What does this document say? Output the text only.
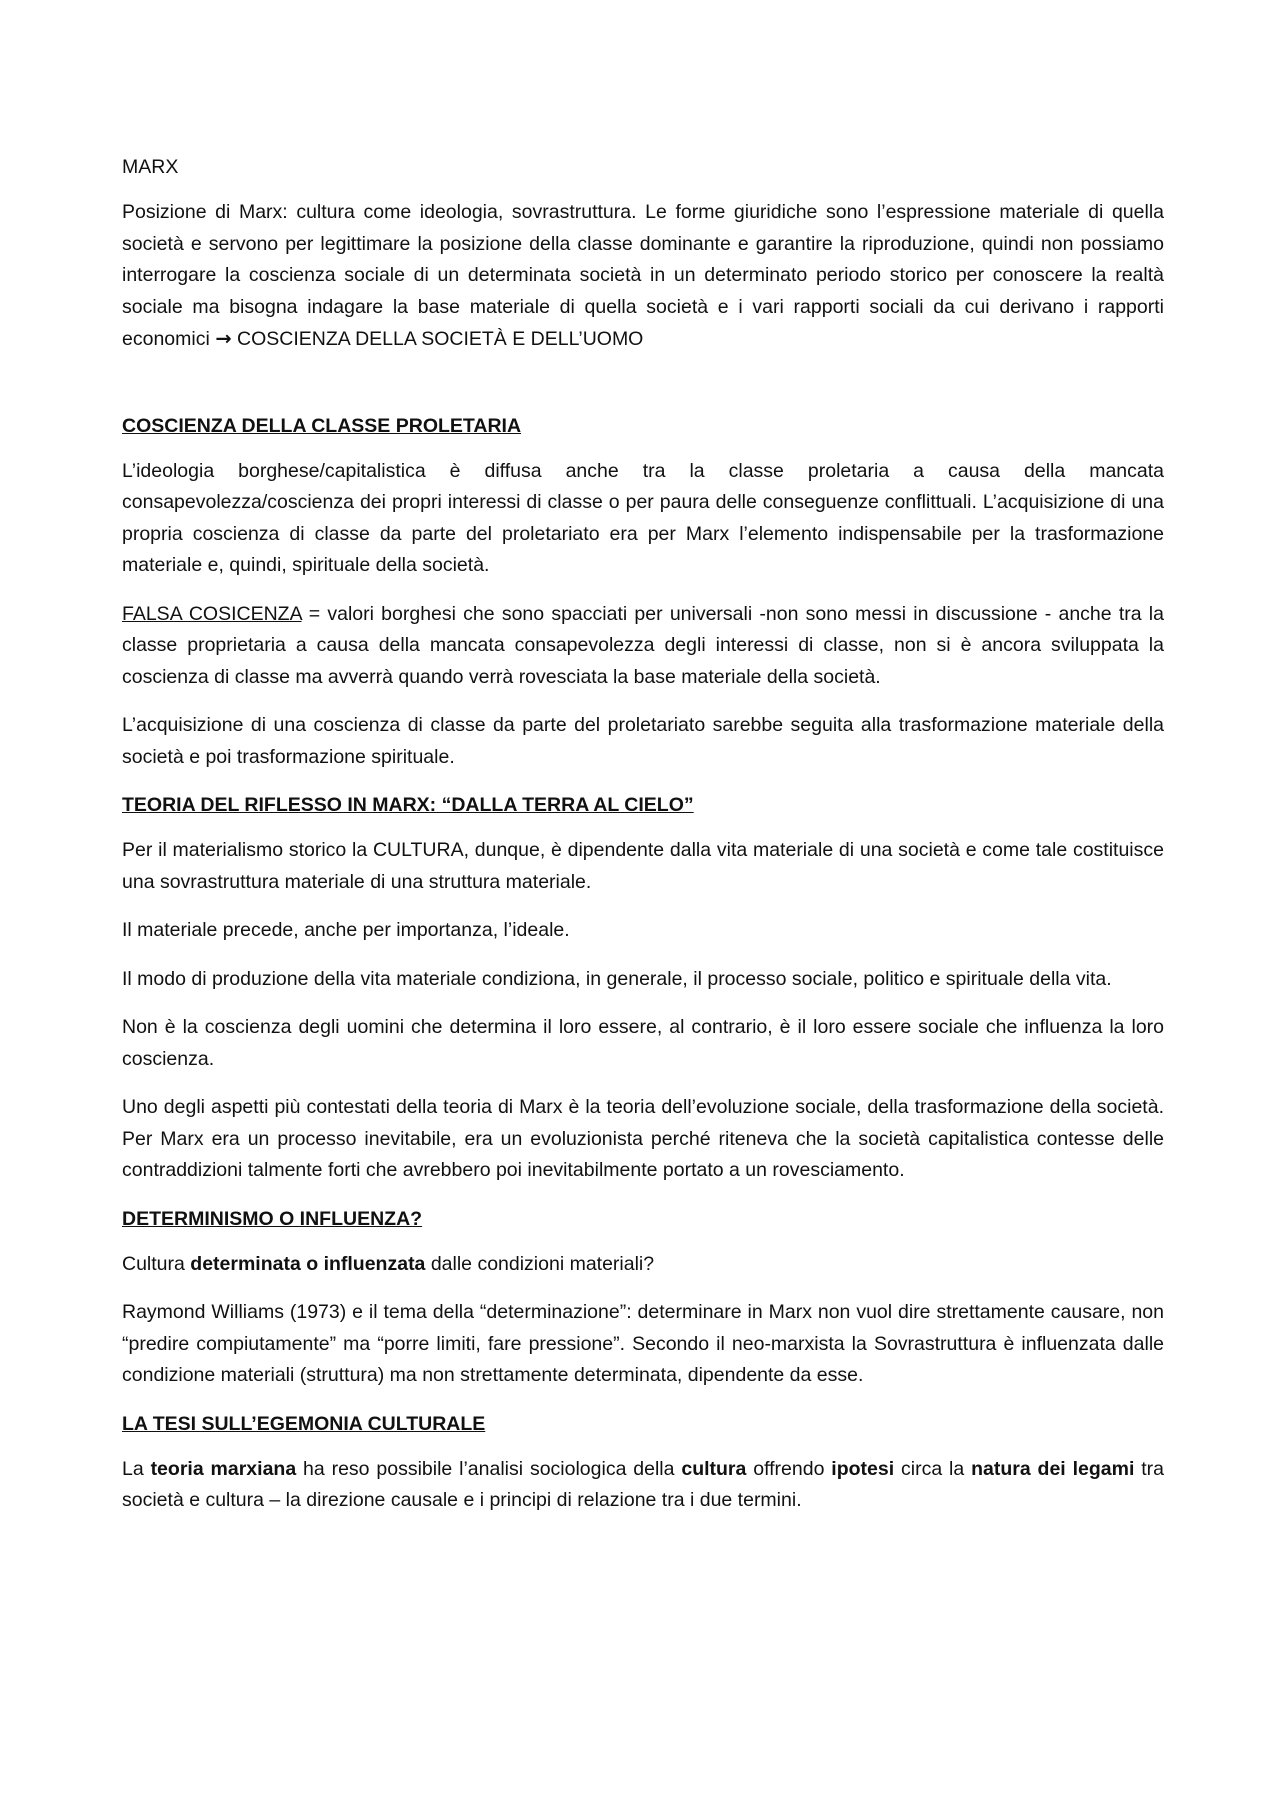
MARX

Posizione di Marx: cultura come ideologia, sovrastruttura. Le forme giuridiche sono l’espressione materiale di quella società e servono per legittimare la posizione della classe dominante e garantire la riproduzione, quindi non possiamo interrogare la coscienza sociale di un determinata società in un determinato periodo storico per conoscere la realtà sociale ma bisogna indagare la base materiale di quella società e i vari rapporti sociali da cui derivano i rapporti economici → COSCIENZA DELLA SOCIETÀ E DELL’UOMO

COSCIENZA DELLA CLASSE PROLETARIA

L’ideologia borghese/capitalistica è diffusa anche tra la classe proletaria a causa della mancata consapevolezza/coscienza dei propri interessi di classe o per paura delle conseguenze conflittuali. L’acquisizione di una propria coscienza di classe da parte del proletariato era per Marx l’elemento indispensabile per la trasformazione materiale e, quindi, spirituale della società.

FALSA COSICENZA = valori borghesi che sono spacciati per universali -non sono messi in discussione - anche tra la classe proprietaria a causa della mancata consapevolezza degli interessi di classe, non si è ancora sviluppata la coscienza di classe ma avverrà quando verrà rovesciata la base materiale della società.

L’acquisizione di una coscienza di classe da parte del proletariato sarebbe seguita alla trasformazione materiale della società e poi trasformazione spirituale.

TEORIA DEL RIFLESSO IN MARX: “DALLA TERRA AL CIELO”

Per il materialismo storico la CULTURA, dunque, è dipendente dalla vita materiale di una società e come tale costituisce una sovrastruttura materiale di una struttura materiale.

Il materiale precede, anche per importanza, l’ideale.

Il modo di produzione della vita materiale condiziona, in generale, il processo sociale, politico e spirituale della vita.

Non è la coscienza degli uomini che determina il loro essere, al contrario, è il loro essere sociale che influenza la loro coscienza.

Uno degli aspetti più contestati della teoria di Marx è la teoria dell’evoluzione sociale, della trasformazione della società. Per Marx era un processo inevitabile, era un evoluzionista perché riteneva che la società capitalistica contesse delle contraddizioni talmente forti che avrebbero poi inevitabilmente portato a un rovesciamento.

DETERMINISMO O INFLUENZA?

Cultura determinata o influenzata dalle condizioni materiali?

Raymond Williams (1973) e il tema della “determinazione”: determinare in Marx non vuol dire strettamente causare, non “predire compiutamente” ma “porre limiti, fare pressione”. Secondo il neo-marxista la Sovrastruttura è influenzata dalle condizione materiali (struttura) ma non strettamente determinata, dipendente da esse.

LA TESI SULL’EGEMONIA CULTURALE

La teoria marxiana ha reso possibile l’analisi sociologica della cultura offrendo ipotesi circa la natura dei legami tra società e cultura – la direzione causale e i principi di relazione tra i due termini.
